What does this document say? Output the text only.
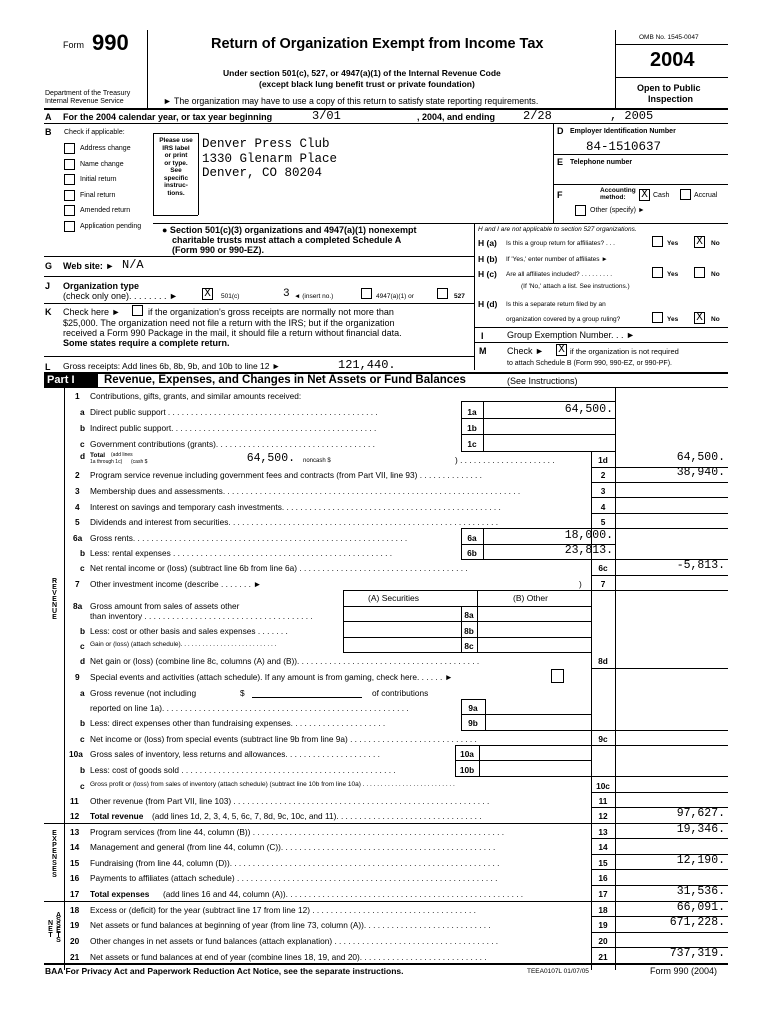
Form 990	Return of Organization Exempt from Income Tax
Under section 501(c), 527, or 4947(a)(1) of the Internal Revenue Code
(except black lung benefit trust or private foundation)
Department of the Treasury
Internal Revenue Service	► The organization may have to use a copy of this return to satisfy state reporting requirements.
OMB No. 1545-0047
2004
Open to Public
Inspection
A For the 2004 calendar year, or tax year beginning	3/01	, 2004, and ending 2/28	, 2005
B Check if applicable:
Address change
Name change
Initial return
Final return
Amended return
Application pending
Please use
IRS label
or print
or type.
See
specific
instruc-
tions.
Denver Press Club
1330 Glenarm Place
Denver, CO 80204
D Employer Identification Number
84-1510637
E Telephone number
F	Accounting
method: X Cash	Accrual
Other (specify) ►
● Section 501(c)(3) organizations and 4947(a)(1) nonexempt
charitable trusts must attach a completed Schedule A
(Form 990 or 990-EZ).
H and I are not applicable to section 527 organizations.
H (a) Is this a group return for affiliates? . . .	Yes X	No
H (b) If 'Yes,' enter number of affiliates ►
H (c) Are all affiliates included? . . . . . . . . .	Yes	No
(If 'No,' attach a list. See instructions.)
H (d) Is this a separate return filed by an
organization covered by a group ruling?	Yes X	No
G Web site: ► N/A
J Organization type
(check only one). . . . . . . . ► X	501(c)	3 ◄ (insert no.)	4947(a)(1) or	527
K Check here ►	if the organization's gross receipts are normally not more than
$25,000. The organization need not file a return with the IRS; but if the organization
received a Form 990 Package in the mail, it should file a return without financial data.
Some states require a complete return.
I	Group Exemption Number. . . ►
M Check ► X if the organization is not required
to attach Schedule B (Form 990, 990-EZ, or 990-PF).
L Gross receipts: Add lines 6b, 8b, 9b, and 10b to line 12 ►	121,440.
Part I	Revenue, Expenses, and Changes in Net Assets or Fund Balances	(See Instructions)
REVENUE
EXPENSES
NET ASSETS
1 Contributions, gifts, grants, and similar amounts received:
a Direct public support . . . . . . . . . . . . . . . . . . . . . . . . . . . . . . . . . . . . . . . . . . . . . .	1a	64,500.
b Indirect public support. . . . . . . . . . . . . . . . . . . . . . . . . . . . . . . . . . . . . . . . . . . . .	1b
c Government contributions (grants). . . . . . . . . . . . . . . . . . . . . . . . . . . . . . . . . . .	1c
d Total (add lines
1a through 1c) (cash $	64,500. noncash $	) . . . . . . . . . . . . . . . . . . . . .	1d	64,500.
2 Program service revenue including government fees and contracts (from Part VII, line 93) . . . . . . . . . . . . . .	2	38,940.
3 Membership dues and assessments. . . . . . . . . . . . . . . . . . . . . . . . . . . . . . . . . . . . . . . . . . . . . . . . . . . . . . . . . . . . . . . . .	3
4 Interest on savings and temporary cash investments. . . . . . . . . . . . . . . . . . . . . . . . . . . . . . . . . . . . . . . . . . . . . . . .	4
5 Dividends and interest from securities. . . . . . . . . . . . . . . . . . . . . . . . . . . . . . . . . . . . . . . . . . . . . . . . . . . . . . . . . . .	5
6a Gross rents. . . . . . . . . . . . . . . . . . . . . . . . . . . . . . . . . . . . . . . . . . . . . . . . . . . . . . . . . . . .	6a	18,000.
b Less: rental expenses . . . . . . . . . . . . . . . . . . . . . . . . . . . . . . . . . . . . . . . . . . . . . . . .	6b	23,813.
c Net rental income or (loss) (subtract line 6b from line 6a) . . . . . . . . . . . . . . . . . . . . . . . . . . . . . . . . . . . . .	6c	-5,813.
7 Other investment income (describe . . . . . . . ►	)	7
(A) Securities	(B) Other
8a Gross amount from sales of assets other
than inventory . . . . . . . . . . . . . . . . . . . . . . . . . . . . . . . . . . . . .	8a
b Less: cost or other basis and sales expenses . . . . . . .	8b
c Gain or (loss) (attach schedule). . . . . . . . . . . . . . . . . . . . . . . . . . .	8c
d Net gain or (loss) (combine line 8c, columns (A) and (B)). . . . . . . . . . . . . . . . . . . . . . . . . . . . . . . . . . . . . . . .	8d
9 Special events and activities (attach schedule). If any amount is from gaming, check here. . . . . . ►
a Gross revenue (not including	$	of contributions
reported on line 1a). . . . . . . . . . . . . . . . . . . . . . . . . . . . . . . . . . . . . . . . . . . . . . . . . . . . . .	9a
b Less: direct expenses other than fundraising expenses. . . . . . . . . . . . . . . . . . . . .	9b
c Net income or (loss) from special events (subtract line 9b from line 9a) . . . . . . . . . . . . . . . . . . . . . . . . . . . .	9c
10a Gross sales of inventory, less returns and allowances. . . . . . . . . . . . . . . . . . . . .	10a
b Less: cost of goods sold . . . . . . . . . . . . . . . . . . . . . . . . . . . . . . . . . . . . . . . . . . . . . . .	10b
c Gross profit or (loss) from sales of inventory (attach schedule) (subtract line 10b from line 10a) . . . . . . . . . . . . . . . . . . . . . . . . . .	10c
11 Other revenue (from Part VII, line 103) . . . . . . . . . . . . . . . . . . . . . . . . . . . . . . . . . . . . . . . . . . . . . . . . . . . . . . . .	11
12 Total revenue (add lines 1d, 2, 3, 4, 5, 6c, 7, 8d, 9c, 10c, and 11). . . . . . . . . . . . . . . . . . . . . . . . . . . . . . . .	12	97,627.
13 Program services (from line 44, column (B)) . . . . . . . . . . . . . . . . . . . . . . . . . . . . . . . . . . . . . . . . . . . . . . . . . . . . . . .	13	19,346.
14 Management and general (from line 44, column (C)). . . . . . . . . . . . . . . . . . . . . . . . . . . . . . . . . . . . . . . . . . . . . . .	14
15 Fundraising (from line 44, column (D)). . . . . . . . . . . . . . . . . . . . . . . . . . . . . . . . . . . . . . . . . . . . . . . . . . . . . . . . . . .	15	12,190.
16 Payments to affiliates (attach schedule) . . . . . . . . . . . . . . . . . . . . . . . . . . . . . . . . . . . . . . . . . . . . . . . . . . . . . . . . .	16
17 Total expenses (add lines 16 and 44, column (A)). . . . . . . . . . . . . . . . . . . . . . . . . . . . . . . . . . . . . . . . . . . . . . . . . . . .	17	31,536.
18 Excess or (deficit) for the year (subtract line 17 from line 12) . . . . . . . . . . . . . . . . . . . . . . . . . . . . . . . . . . . .	18	66,091.
19 Net assets or fund balances at beginning of year (from line 73, column (A)). . . . . . . . . . . . . . . . . . . . . . . . . . . .	19	671,228.
20 Other changes in net assets or fund balances (attach explanation) . . . . . . . . . . . . . . . . . . . . . . . . . . . . . . . . . . . .	20
21 Net assets or fund balances at end of year (combine lines 18, 19, and 20). . . . . . . . . . . . . . . . . . . . . . . . . . . .	21	737,319.
BAA For Privacy Act and Paperwork Reduction Act Notice, see the separate instructions.	TEEA0107L 01/07/05	Form 990 (2004)
